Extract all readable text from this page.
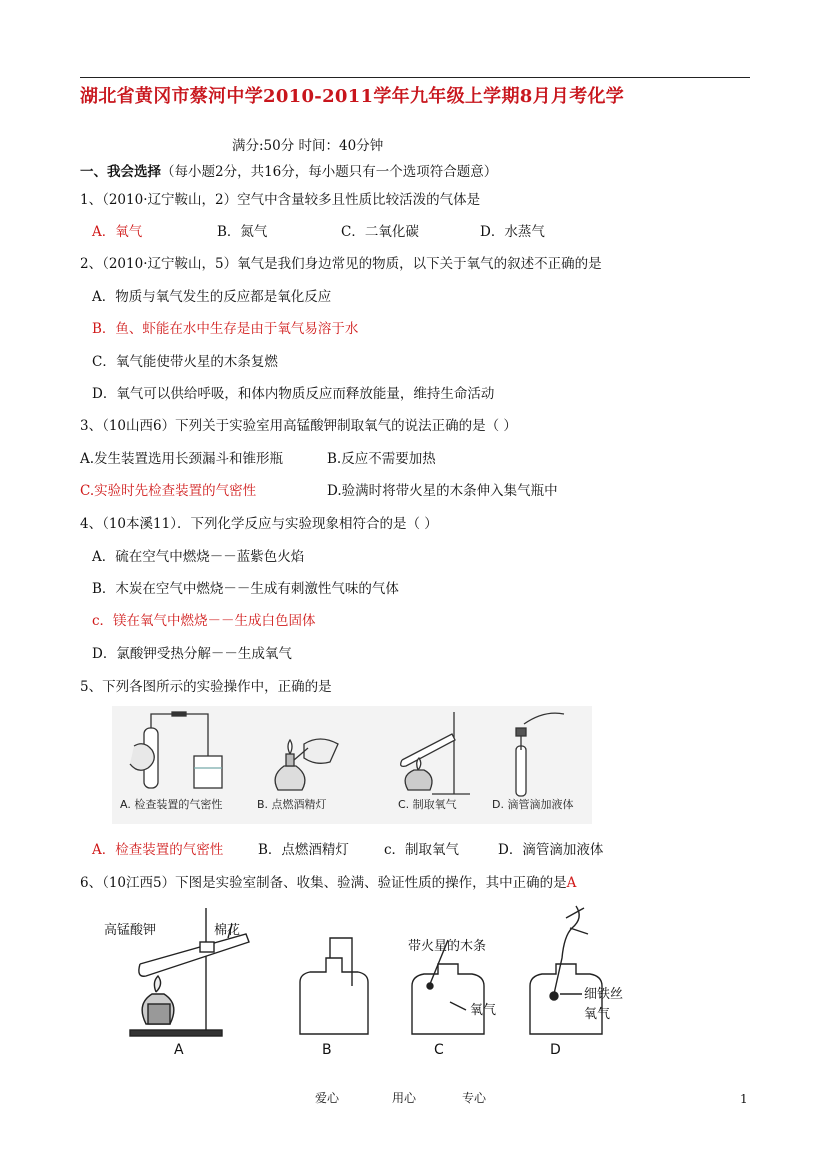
湖北省黄冈市蔡河中学2010-2011学年九年级上学期8月月考化学
满分:50分 时间：40分钟
一、我会选择（每小题2分，共16分，每小题只有一个选项符合题意）
1、（2010·辽宁鞍山，2）空气中含量较多且性质比较活泼的气体是
A．氧气	B．氮气	C．二氧化碳	D．水蒸气
2、（2010·辽宁鞍山，5）氧气是我们身边常见的物质，以下关于氧气的叙述不正确的是
A．物质与氧气发生的反应都是氧化反应
B．鱼、虾能在水中生存是由于氧气易溶于水
C．氧气能使带火星的木条复燃
D．氧气可以供给呼吸，和体内物质反应而释放能量，维持生命活动
3、（10山西6）下列关于实验室用高锰酸钾制取氧气的说法正确的是（ ）
A.发生装置选用长颈漏斗和锥形瓶	B.反应不需要加热
C.实验时先检查装置的气密性	D.验满时将带火星的木条伸入集气瓶中
4、（10本溪11）．下列化学反应与实验现象相符合的是（ ）
A．硫在空气中燃烧－－蓝紫色火焰
B．木炭在空气中燃烧－－生成有刺激性气味的气体
c．镁在氧气中燃烧－－生成白色固体
D．氯酸钾受热分解－－生成氧气
5、下列各图所示的实验操作中，正确的是
A. 检查装置的气密性	B. 点燃酒精灯	C. 制取氧气	D. 滴管滴加液体
A．检查装置的气密性	B．点燃酒精灯	c．制取氧气	D．滴管滴加液体
6、（10江西5）下图是实验室制备、收集、验满、验证性质的操作，其中正确的是A
高锰酸钾	棉花
带火星的木条
氧气
细铁丝
氧气
A	B	C	D
爱心	用心	专心	1
